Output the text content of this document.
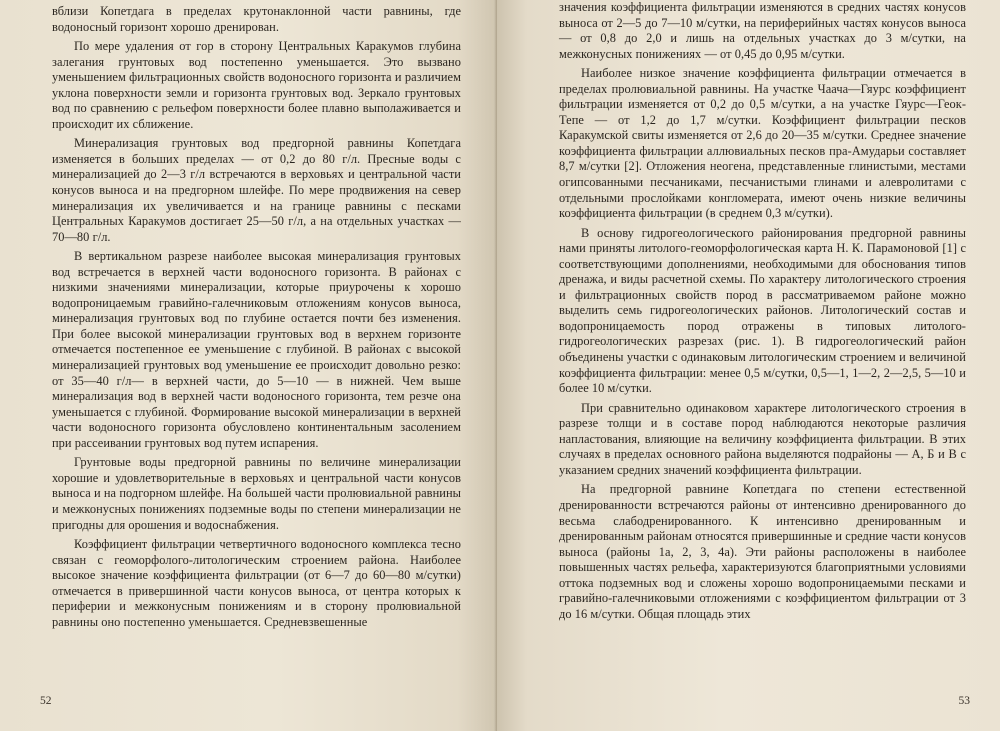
вблизи Копетдага в пределах крутонаклонной части равнины, где водоносный горизонт хорошо дренирован.

По мере удаления от гор в сторону Центральных Каракумов глубина залегания грунтовых вод постепенно уменьшается. Это вызвано уменьшением фильтрационных свойств водоносного горизонта и различием уклона поверхности земли и горизонта грунтовых вод. Зеркало грунтовых вод по сравнению с рельефом поверхности более плавно выполаживается и происходит их сближение.

Минерализация грунтовых вод предгорной равнины Копетдага изменяется в больших пределах — от 0,2 до 80 г/л. Пресные воды с минерализацией до 2—3 г/л встречаются в верховьях и центральной части конусов выноса и на предгорном шлейфе. По мере продвижения на север минерализация их увеличивается и на границе равнины с песками Центральных Каракумов достигает 25—50 г/л, а на отдельных участках — 70—80 г/л.

В вертикальном разрезе наиболее высокая минерализация грунтовых вод встречается в верхней части водоносного горизонта. В районах с низкими значениями минерализации, которые приурочены к хорошо водопроницаемым гравийно-галечниковым отложениям конусов выноса, минерализация грунтовых вод по глубине остается почти без изменения. При более высокой минерализации грунтовых вод в верхнем горизонте отмечается постепенное ее уменьшение с глубиной. В районах с высокой минерализацией грунтовых вод уменьшение ее происходит довольно резко: от 35—40 г/л— в верхней части, до 5—10 — в нижней. Чем выше минерализация вод в верхней части водоносного горизонта, тем резче она уменьшается с глубиной. Формирование высокой минерализации в верхней части водоносного горизонта обусловлено континентальным засолением при рассеивании грунтовых вод путем испарения.

Грунтовые воды предгорной равнины по величине минерализации хорошие и удовлетворительные в верховьях и центральной части конусов выноса и на подгорном шлейфе. На большей части пролювиальной равнины и межконусных понижениях подземные воды по степени минерализации не пригодны для орошения и водоснабжения.

Коэффициент фильтрации четвертичного водоносного комплекса тесно связан с геоморфолого-литологическим строением района. Наиболее высокое значение коэффициента фильтрации (от 6—7 до 60—80 м/сутки) отмечается в привершинной части конусов выноса, от центра которых к периферии и межконусным понижениям и в сторону пролювиальной равнины оно постепенно уменьшается. Средневзвешенные

52

значения коэффициента фильтрации изменяются в средних частях конусов выноса от 2—5 до 7—10 м/сутки, на периферийных частях конусов выноса — от 0,8 до 2,0 и лишь на отдельных участках до 3 м/сутки, на межконусных понижениях — от 0,45 до 0,95 м/сутки.

Наиболее низкое значение коэффициента фильтрации отмечается в пределах пролювиальной равнины. На участке Чаача—Гяурс коэффициент фильтрации изменяется от 0,2 до 0,5 м/сутки, а на участке Гяурс—Геок-Тепе — от 1,2 до 1,7 м/сутки. Коэффициент фильтрации песков Каракумской свиты изменяется от 2,6 до 20—35 м/сутки. Среднее значение коэффициента фильтрации аллювиальных песков пра-Амударьи составляет 8,7 м/сутки [2]. Отложения неогена, представленные глинистыми, местами огипсованными песчаниками, песчанистыми глинами и алевролитами с отдельными прослойками конгломерата, имеют очень низкие величины коэффициента фильтрации (в среднем 0,3 м/сутки).

В основу гидрогеологического районирования предгорной равнины нами приняты литолого-геоморфологическая карта Н. К. Парамоновой [1] с соответствующими дополнениями, необходимыми для обоснования типов дренажа, и виды расчетной схемы. По характеру литологического строения и фильтрационных свойств пород в рассматриваемом районе можно выделить семь гидрогеологических районов. Литологический состав и водопроницаемость пород отражены в типовых литолого-гидрогеологических разрезах (рис. 1). В гидрогеологический район объединены участки с одинаковым литологическим строением и величиной коэффициента фильтрации: менее 0,5 м/сутки, 0,5—1, 1—2, 2—2,5, 5—10 и более 10 м/сутки.

При сравнительно одинаковом характере литологического строения в разрезе толщи и в составе пород наблюдаются некоторые различия напластования, влияющие на величину коэффициента фильтрации. В этих случаях в пределах основного района выделяются подрайоны — А, Б и В с указанием средних значений коэффициента фильтрации.

На предгорной равнине Копетдага по степени естественной дренированности встречаются районы от интенсивно дренированного до весьма слабодренированного. К интенсивно дренированным и дренированным районам относятся привершинные и средние части конусов выноса (районы 1а, 2, 3, 4а). Эти районы расположены в наиболее повышенных частях рельефа, характеризуются благоприятными условиями оттока подземных вод и сложены хорошо водопроницаемыми песками и гравийно-галечниковыми отложениями с коэффициентом фильтрации от 3 до 16 м/сутки. Общая площадь этих

53
